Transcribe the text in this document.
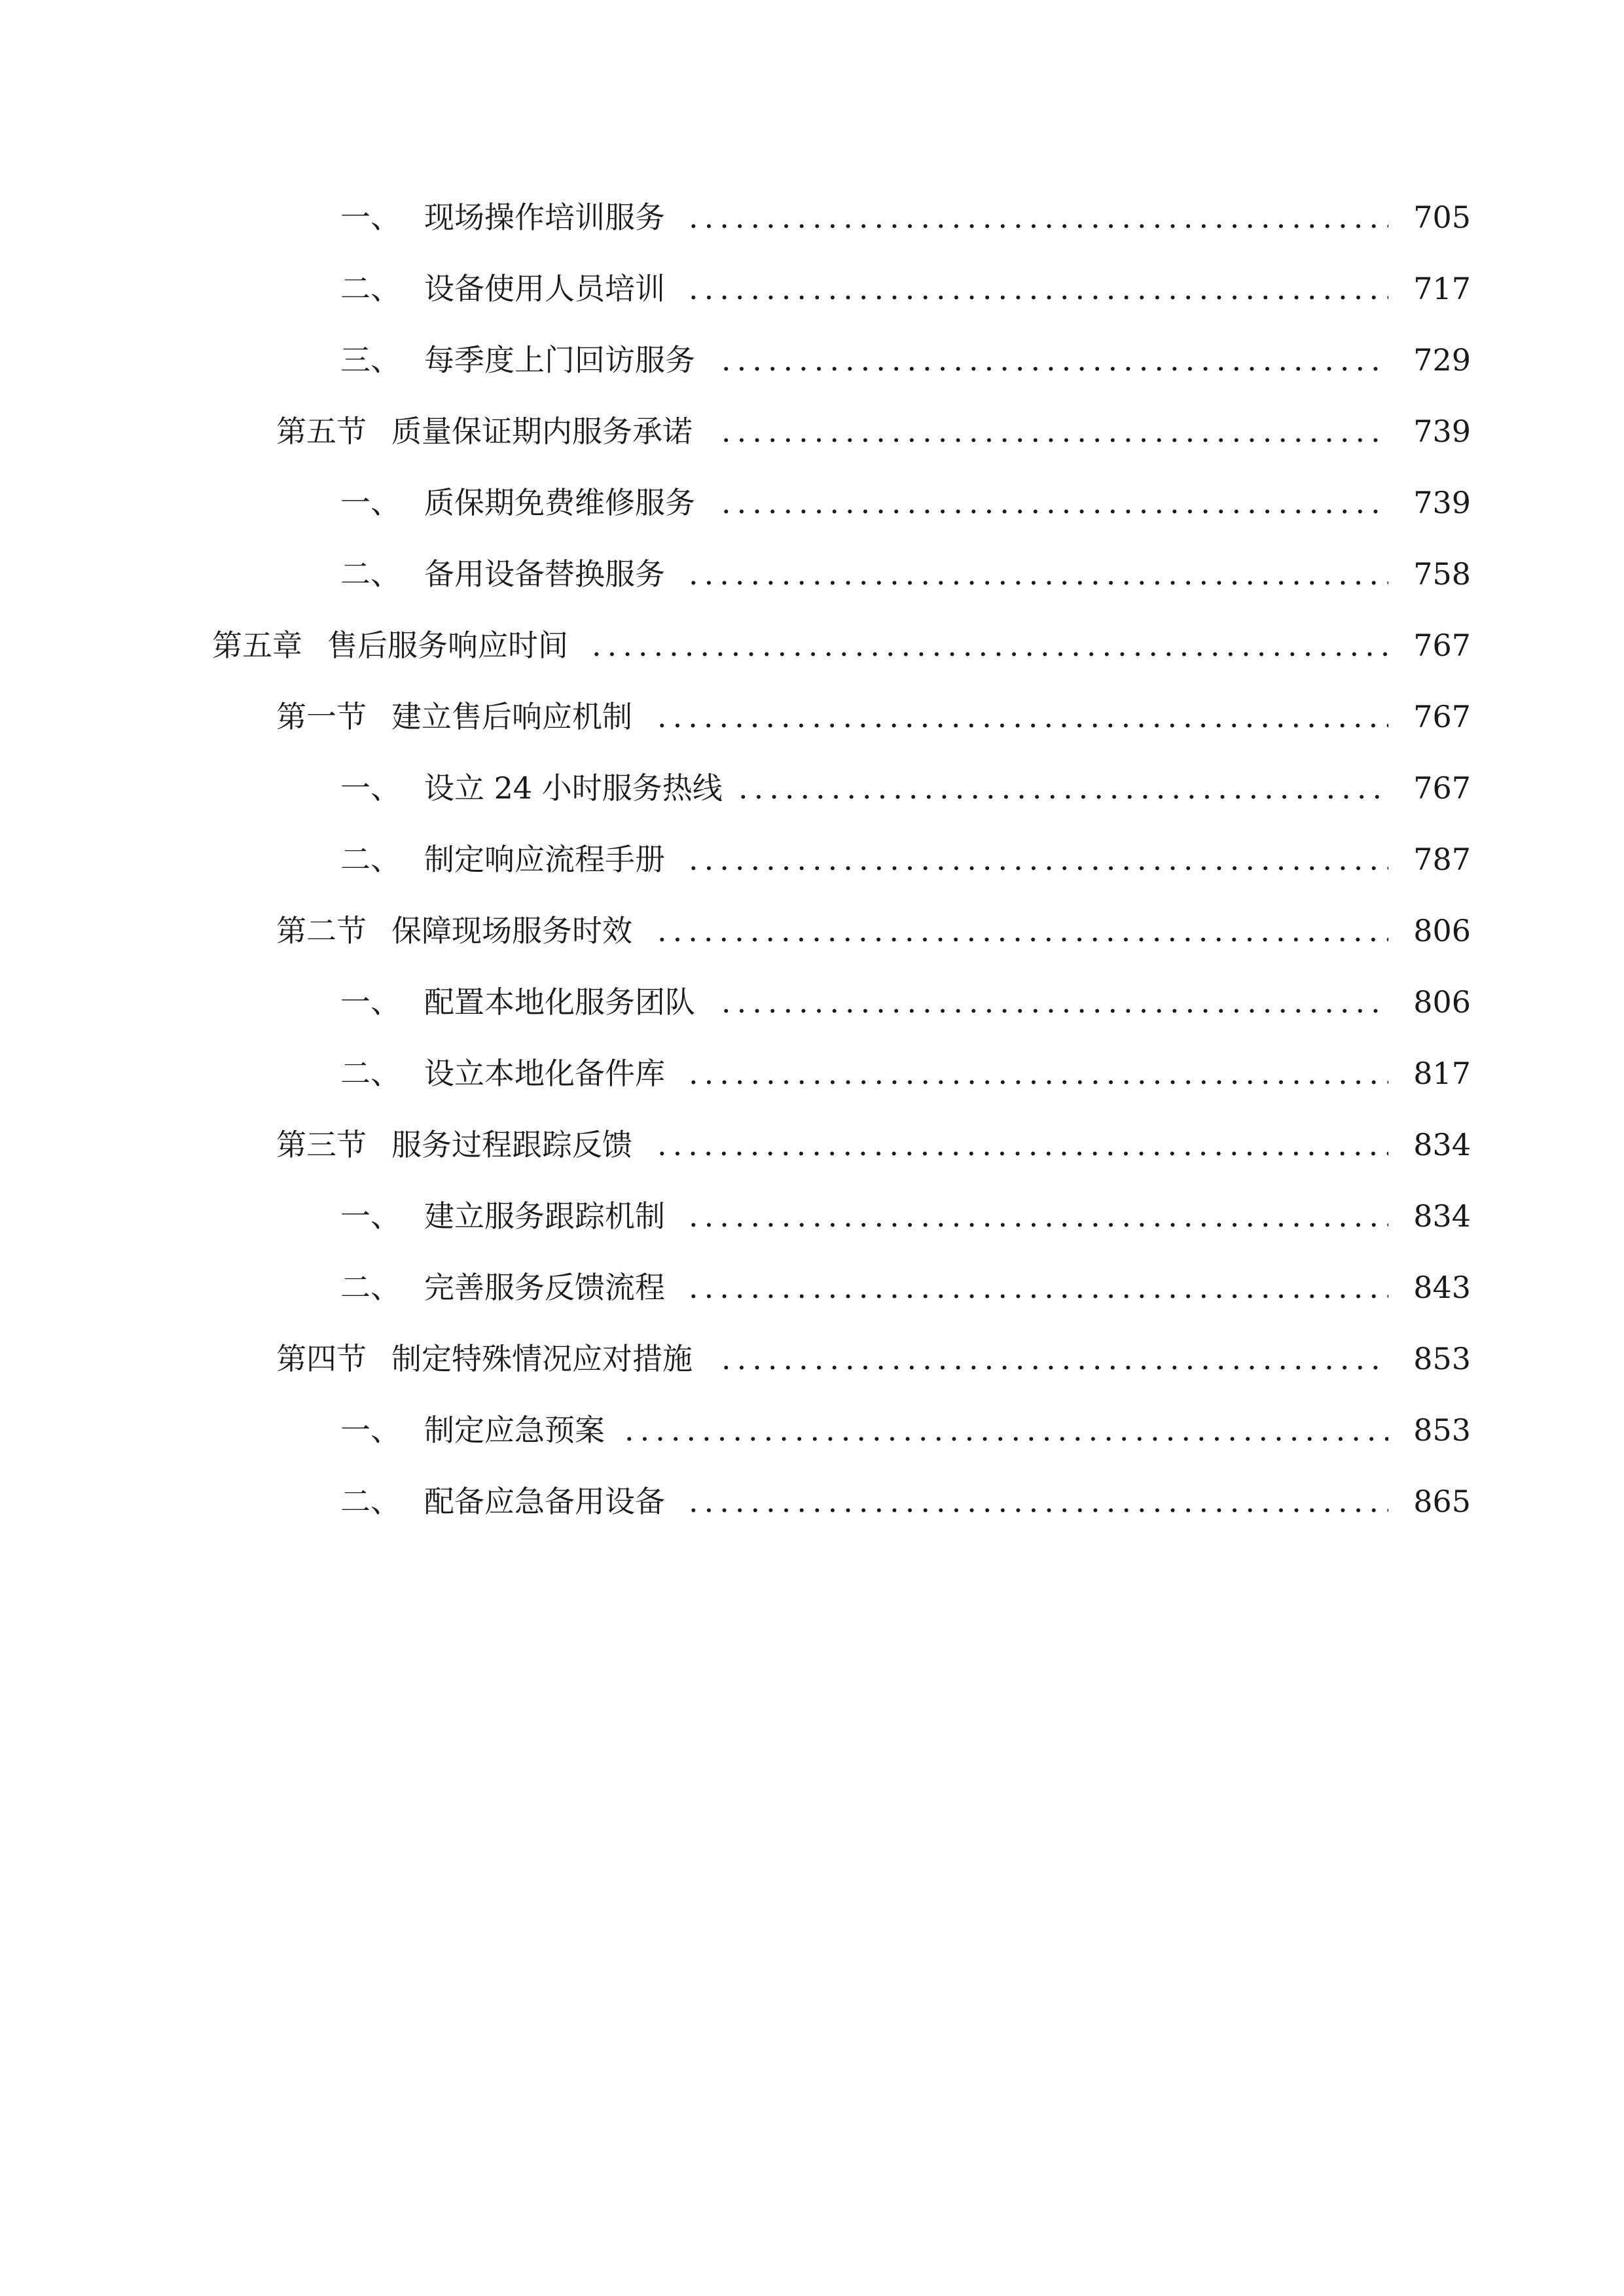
一、 现场操作培训服务 .....	705
二、 设备使用人员培训 .....	717
三、 每季度上门回访服务 .....	729
第五节 质量保证期内服务承诺 .....	739
一、 质保期免费维修服务 .....	739
二、 备用设备替换服务 .....	758
第五章 售后服务响应时间 .....	767
第一节 建立售后响应机制 .....	767
一、 设立 24 小时服务热线 .....	767
二、 制定响应流程手册 .....	787
第二节 保障现场服务时效 .....	806
一、 配置本地化服务团队 .....	806
二、 设立本地化备件库 .....	817
第三节 服务过程跟踪反馈 .....	834
一、 建立服务跟踪机制 .....	834
二、 完善服务反馈流程 .....	843
第四节 制定特殊情况应对措施 .....	853
一、 制定应急预案 .....	853
二、 配备应急备用设备 .....	865
